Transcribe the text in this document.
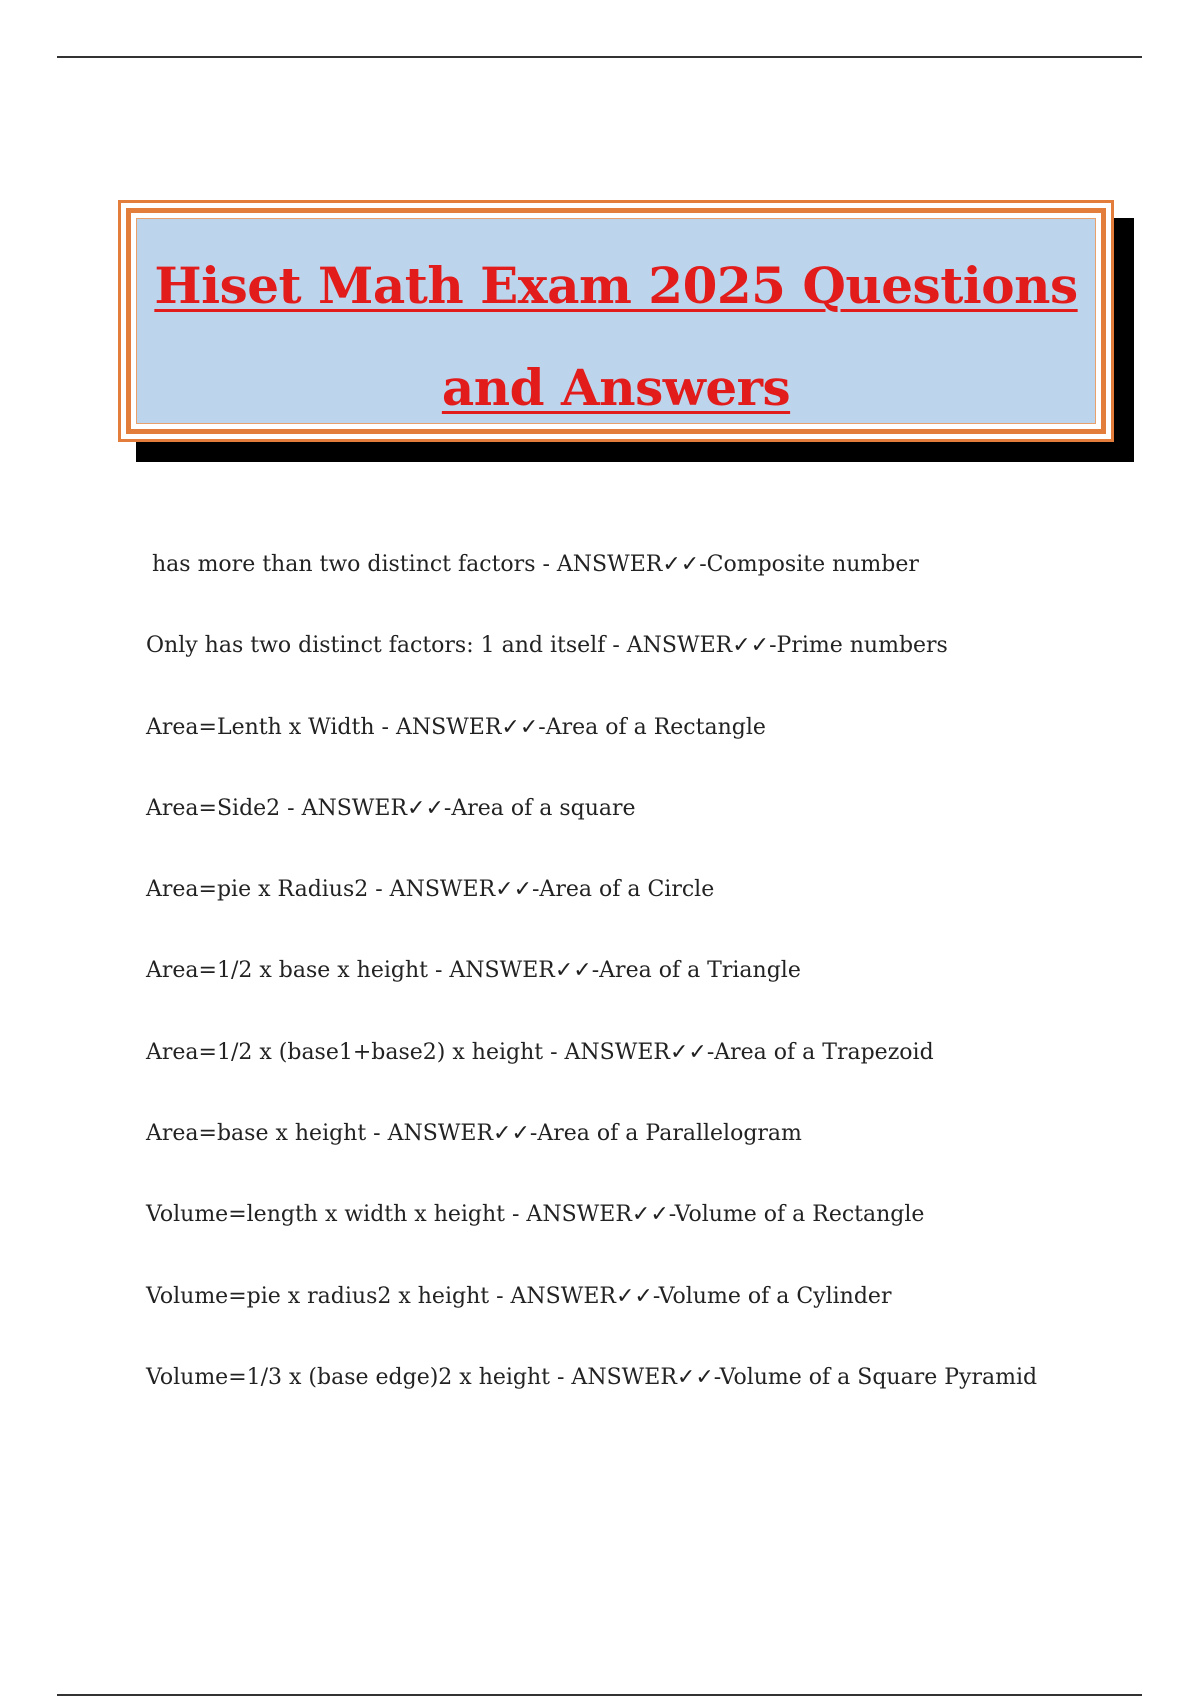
Hiset Math Exam 2025 Questions
and Answers
has more than two distinct factors - ANSWER✓✓-Composite number
Only has two distinct factors: 1 and itself - ANSWER✓✓-Prime numbers
Area=Lenth x Width - ANSWER✓✓-Area of a Rectangle
Area=Side2 - ANSWER✓✓-Area of a square
Area=pie x Radius2 - ANSWER✓✓-Area of a Circle
Area=1/2 x base x height - ANSWER✓✓-Area of a Triangle
Area=1/2 x (base1+base2) x height - ANSWER✓✓-Area of a Trapezoid
Area=base x height - ANSWER✓✓-Area of a Parallelogram
Volume=length x width x height - ANSWER✓✓-Volume of a Rectangle
Volume=pie x radius2 x height - ANSWER✓✓-Volume of a Cylinder
Volume=1/3 x (base edge)2 x height - ANSWER✓✓-Volume of a Square Pyramid
